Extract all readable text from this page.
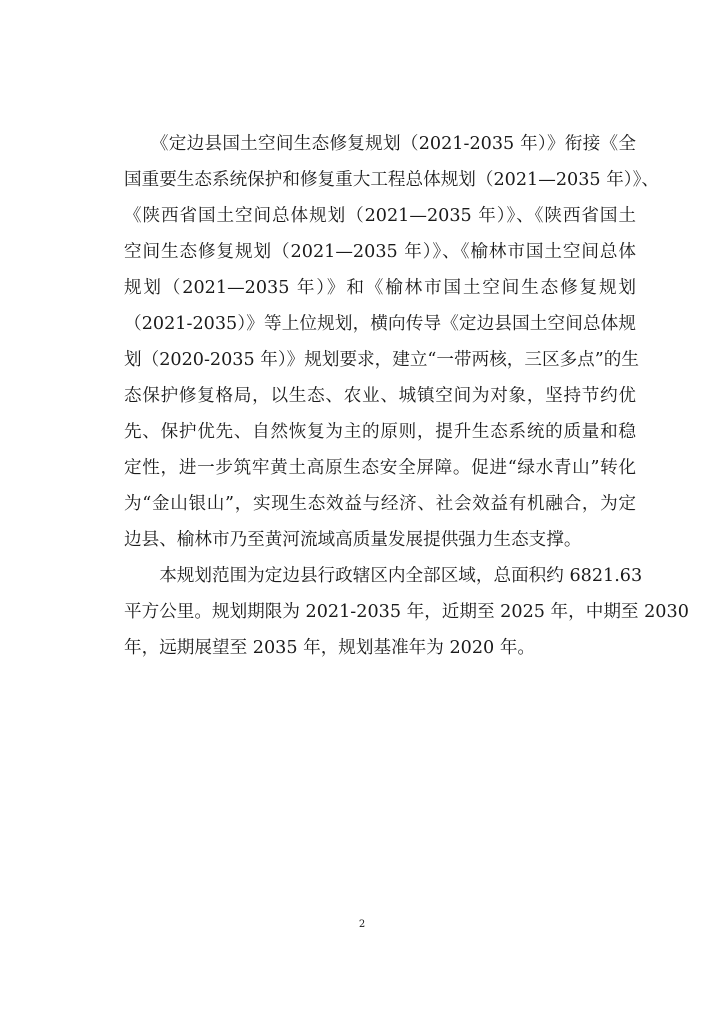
　　《定边县国土空间生态修复规划（2021-2035 年）》衔接《全
国重要生态系统保护和修复重大工程总体规划（2021—2035 年）》、
《陕西省国土空间总体规划（2021—2035 年）》、《陕西省国土
空间生态修复规划（2021—2035 年）》、《榆林市国土空间总体
规划（2021—2035 年）》和《榆林市国土空间生态修复规划
（2021-2035）》等上位规划，横向传导《定边县国土空间总体规
划（2020-2035 年）》规划要求，建立“一带两核，三区多点”的生
态保护修复格局，以生态、农业、城镇空间为对象，坚持节约优
先、保护优先、自然恢复为主的原则，提升生态系统的质量和稳
定性，进一步筑牢黄土高原生态安全屏障。促进“绿水青山”转化
为“金山银山”，实现生态效益与经济、社会效益有机融合，为定
边县、榆林市乃至黄河流域高质量发展提供强力生态支撑。
　　本规划范围为定边县行政辖区内全部区域，总面积约 6821.63
平方公里。规划期限为 2021-2035 年，近期至 2025 年，中期至 2030
年，远期展望至 2035 年，规划基准年为 2020 年。
2
